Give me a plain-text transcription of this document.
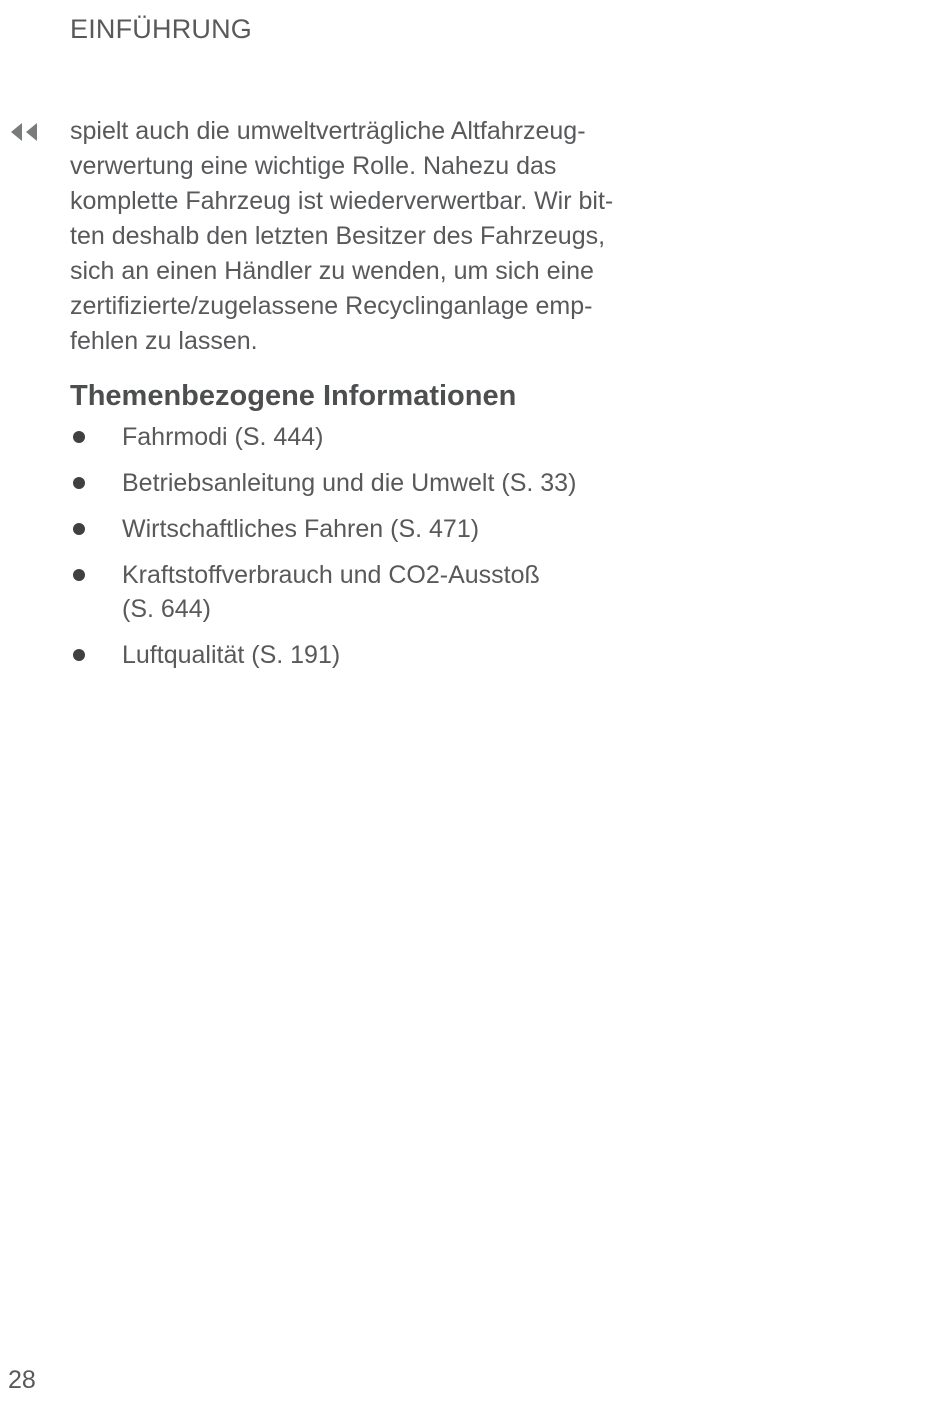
EINFÜHRUNG

spielt auch die umweltverträgliche Altfahrzeug-
verwertung eine wichtige Rolle. Nahezu das
komplette Fahrzeug ist wiederverwertbar. Wir bit-
ten deshalb den letzten Besitzer des Fahrzeugs,
sich an einen Händler zu wenden, um sich eine
zertifizierte/zugelassene Recyclinganlage emp-
fehlen zu lassen.

Themenbezogene Informationen
Fahrmodi (S. 444)
Betriebsanleitung und die Umwelt (S. 33)
Wirtschaftliches Fahren (S. 471)
Kraftstoffverbrauch und CO2-Ausstoß
(S. 644)
Luftqualität (S. 191)
28
